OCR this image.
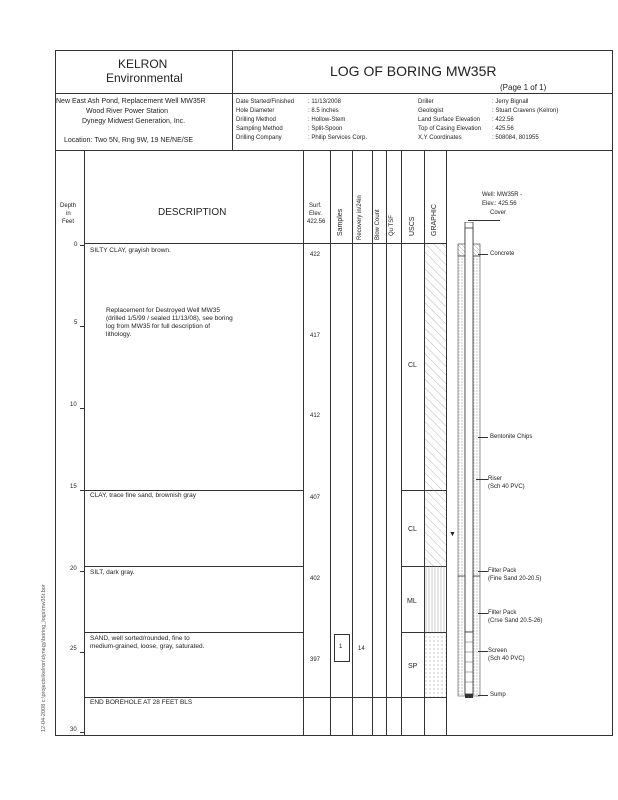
KELRON
Environmental	LOG OF BORING MW35R
(Page 1 of 1)
New East Ash Pond, Replacement Well MW35R
Wood River Power Station
Dynegy Midwest Generation, Inc.
Location: Two 5N, Rng 9W, 19 NE/NE/SE
Date Started/Finished
Hole Diameter
Drilling Method
Sampling Method
Drilling Company
: 11/13/2008
: 8.5 inches
: Hollow-Stem
: Split-Spoon
: Philip Services Corp.
Driller
Geologist
Land Surface Elevation
Top of Casing Elevation
X,Y Coordinates
: Jerry Bignall
: Stuart Cravens (Kelron)
: 422.56
: 425.56
: 508084, 801955
Depth
in
Feet
DESCRIPTION
Surf.
Elev.
422.56 Samples Recovery in/24in Blow Count Qu TSF USCS GRAPHIC
Well: MW35R -
Elev.: 425.56
Cover
0
5
10
15
20
25
30
422
417
412
407
402
397
SILTY CLAY, grayish brown.
Replacement for Destroyed Well MW35
(drilled 1/5/99 / sealed 11/13/08), see boring
log from MW35 for full description of
lithology.
CLAY, trace fine sand, brownish gray
SILT, dark gray.
SAND, well sorted/rounded, fine to
medium-grained, loose, gray, saturated.
END BOREHOLE AT 28 FEET BLS
1	14
CL
CL
ML
SP
▼
Concrete
Bentonite Chips
Riser
(Sch 40 PVC)
Filter Pack
(Fine Sand 20-20.5)
Filter Pack
(Crse Sand 20.5-26)
Screen
(Sch 40 PVC)
Sump
12-04-2008 c:\projects\kelron\dynegy\boring_logs\mw35r.bor
